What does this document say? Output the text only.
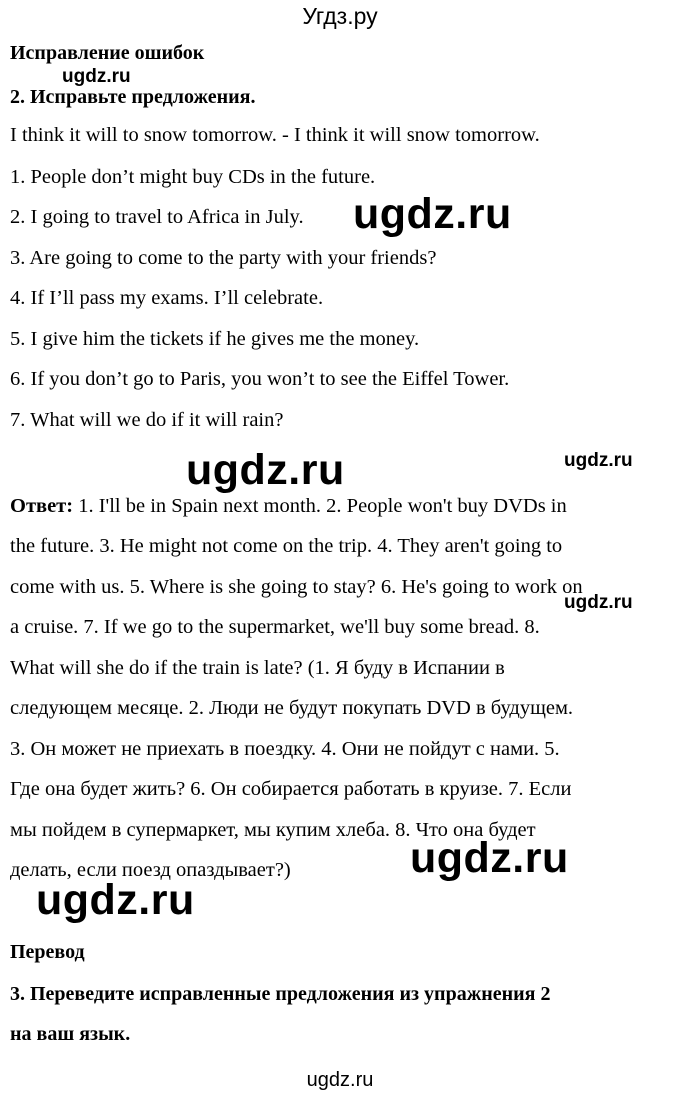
Угдз.ру
Исправление ошибок
ugdz.ru
2. Исправьте предложения.
I think it will to snow tomorrow. - I think it will snow tomorrow.
1. People don’t might buy CDs in the future.
2. I going to travel to Africa in July. ugdz.ru
3. Are going to come to the party with your friends?
4. If I’ll pass my exams. I’ll celebrate.
5. I give him the tickets if he gives me the money.
6. If you don’t go to Paris, you won’t to see the Eiffel Tower.
7. What will we do if it will rain?
ugdz.ru	ugdz.ru
Ответ: 1. I'll be in Spain next month. 2. People won't buy DVDs in
the future. 3. He might not come on the trip. 4. They aren't going to
come with us. 5. Where is she going to stay? 6. He's going to work on
ugdz.ru
a cruise. 7. If we go to the supermarket, we'll buy some bread. 8.
What will she do if the train is late? (1. Я буду в Испании в
следующем месяце. 2. Люди не будут покупать DVD в будущем.
3. Он может не приехать в поездку. 4. Они не пойдут с нами. 5.
Где она будет жить? 6. Он собирается работать в круизе. 7. Если
мы пойдем в супермаркет, мы купим хлеба. 8. Что она будет
ugdz.ru
делать, если поезд опаздывает?)
ugdz.ru
Перевод
3. Переведите исправленные предложения из упражнения 2
на ваш язык.
ugdz.ru
